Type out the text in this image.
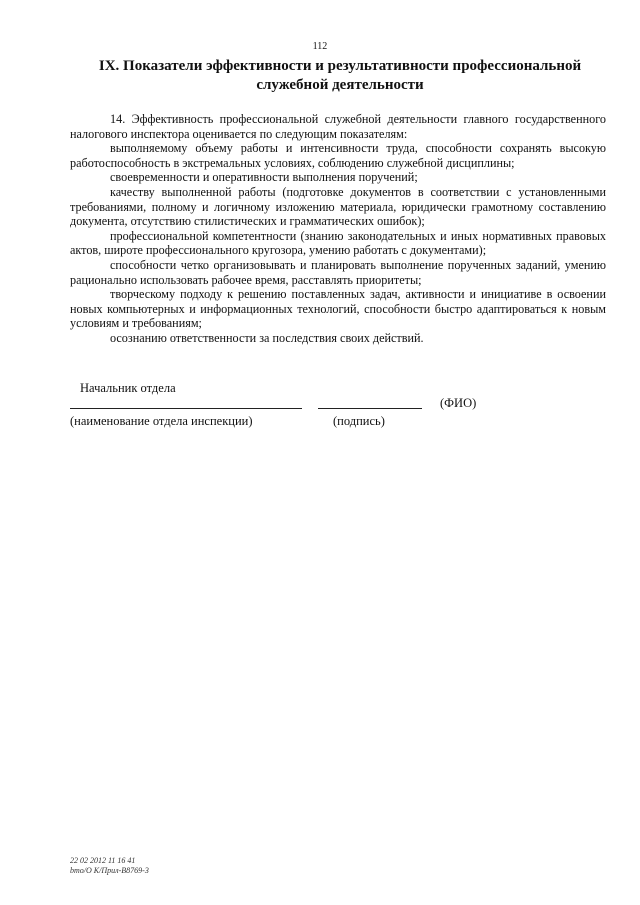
112
IX. Показатели эффективности и результативности профессиональной
служебной деятельности

14. Эффективность профессиональной служебной деятельности главного государственного налогового инспектора оценивается по следующим показателям:

выполняемому объему работы и интенсивности труда, способности сохранять высокую работоспособность в экстремальных условиях, соблюдению служебной дисциплины;

своевременности и оперативности выполнения поручений;

качеству выполненной работы (подготовке документов в соответствии с установленными требованиями, полному и логичному изложению материала, юридически грамотному составлению документа, отсутствию стилистических и грамматических ошибок);

профессиональной компетентности (знанию законодательных и иных нормативных правовых актов, широте профессионального кругозора, умению работать с документами);

способности четко организовывать и планировать выполнение порученных заданий, умению рационально использовать рабочее время, расставлять приоритеты;

творческому подходу к решению поставленных задач, активности и инициативе в освоении новых компьютерных и информационных технологий, способности быстро адаптироваться к новым условиям и требованиям;

осознанию ответственности за последствия своих действий.

Начальник отдела
(ФИО)
(наименование отдела инспекции)	(подпись)
22 02 2012 11 16 41
bmo/O K/Прил-B8769-3
